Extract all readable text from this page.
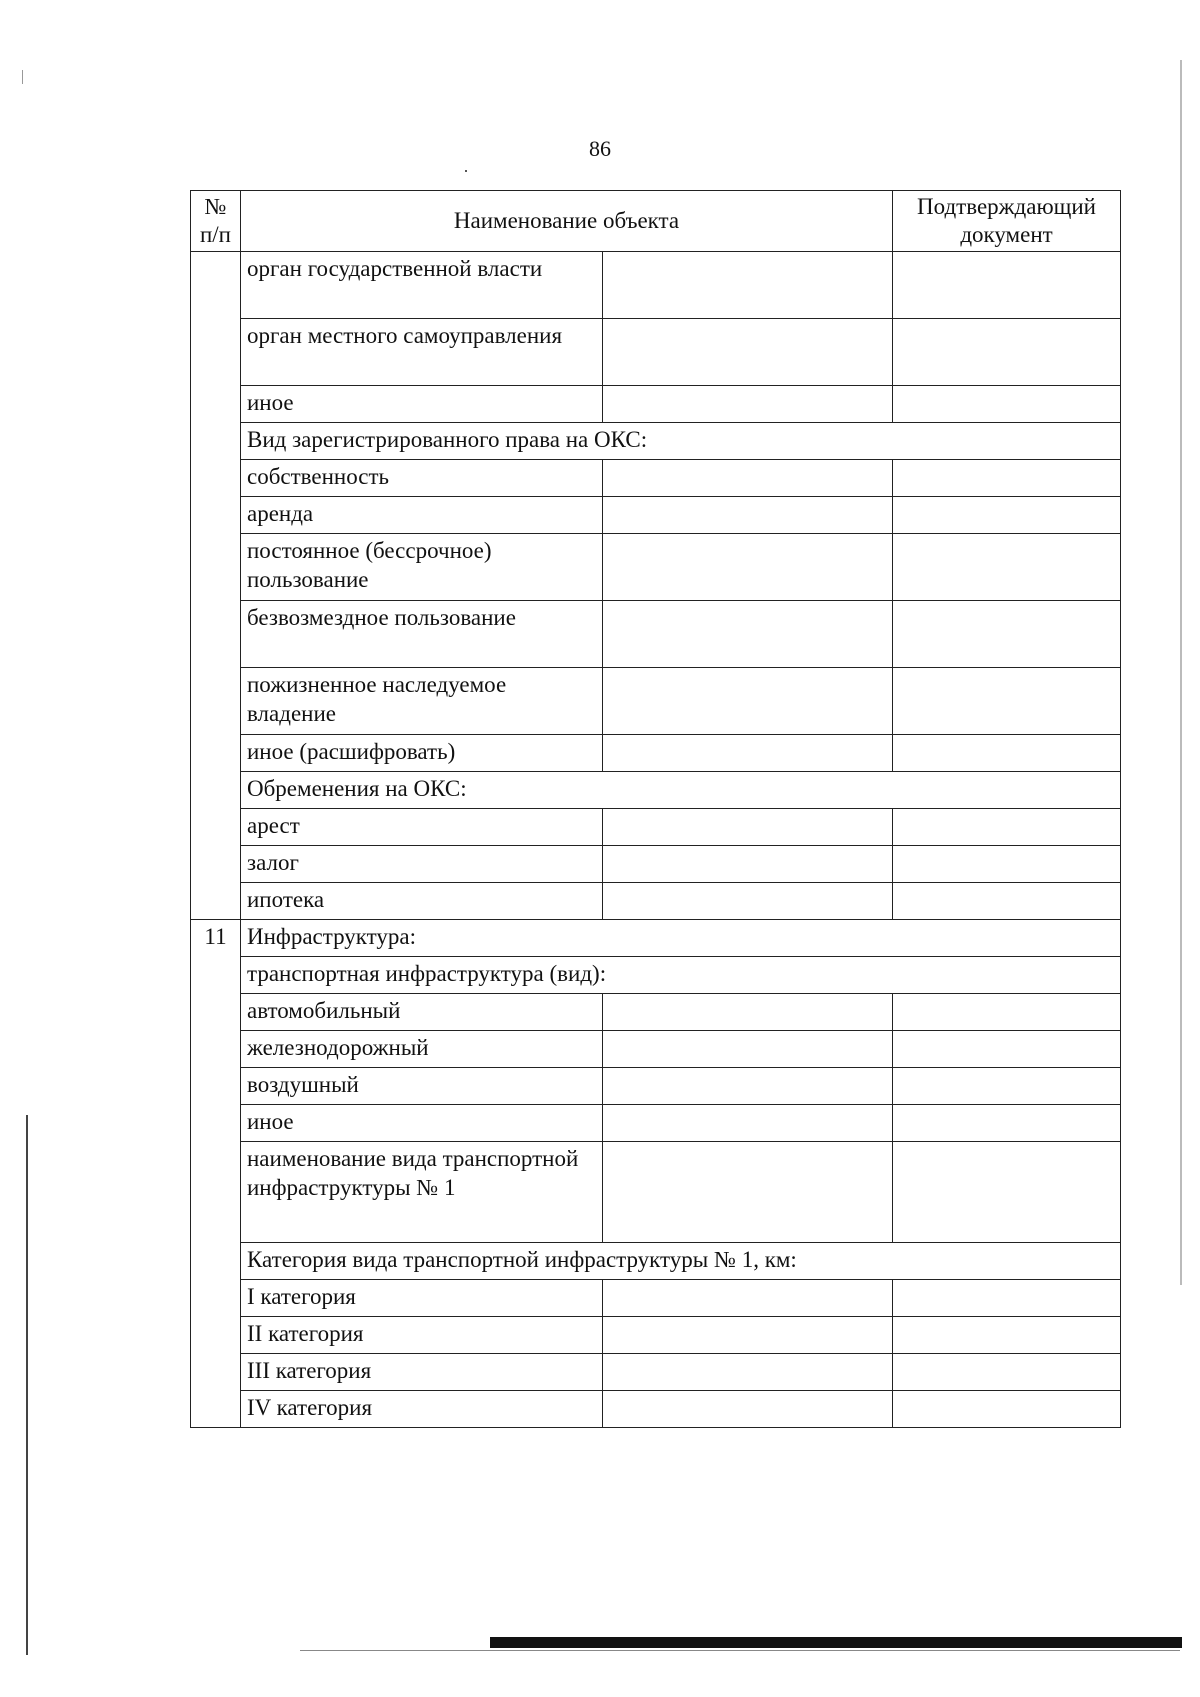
86
№
п/п	Наименование объекта		Подтверждающий документ
	орган государственной власти		
	орган местного самоуправления		
	иное		
	Вид зарегистрированного права на ОКС:		
	собственность		
	аренда		
	постоянное (бессрочное) пользование		
	безвозмездное пользование		
	пожизненное наследуемое владение		
	иное (расшифровать)		
	Обременения на ОКС:		
	арест		
	залог		
	ипотека		
11	Инфраструктура:		
	транспортная инфраструктура (вид):		
	автомобильный		
	железнодорожный		
	воздушный		
	иное		
	наименование вида транспортной инфраструктуры № 1		
	Категория вида транспортной инфраструктуры № 1, км:		
	I категория		
	II категория		
	III категория		
	IV категория		
